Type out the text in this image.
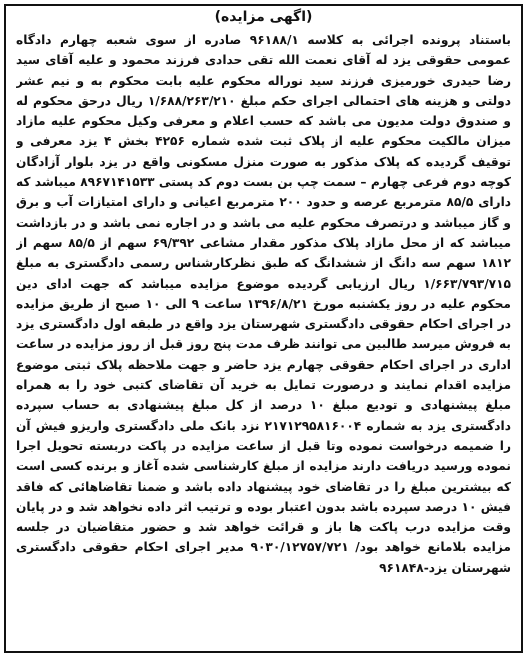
(اگهی مزایده)
باستناد پرونده اجرائی به کلاسه ۹۶۱۸۸/۱ صادره از سوی شعبه چهارم دادگاه عمومی حقوقی یزد له آقای نعمت الله تقی حدادی فرزند محمود و علیه آقای سید رضا حیدری خورمیزی فرزند سید نوراله محکوم علیه بابت محکوم به و نیم عشر دولتی و هزینه های احتمالی اجرای حکم مبلغ ۱/۶۸۸/۲۶۳/۲۱۰ ریال درحق محکوم له و صندوق دولت مدیون می باشد که حسب اعلام و معرفی وکیل محکوم علیه مازاد میزان مالکیت محکوم علیه از پلاک ثبت شده شماره ۴۲۵۶ بخش ۴ یزد معرفی و توقیف گردیده که پلاک مذکور به صورت منزل مسکونی واقع در یزد بلوار آزادگان کوچه دوم فرعی چهارم – سمت چپ بن بست دوم کد پستی ۸۹۶۷۱۴۱۵۳۳ میباشد که دارای ۸۵/۵ مترمربع عرصه و حدود ۲۰۰ مترمربع اعیانی و دارای امتیازات آب و برق و گاز میباشد و درتصرف محکوم علیه می باشد و در اجاره نمی باشد و در بازداشت میباشد که از محل مازاد پلاک مذکور مقدار مشاعی ۶۹/۳۹۲ سهم از ۸۵/۵ سهم از ۱۸۱۲ سهم سه دانگ از ششدانگ که طبق نظرکارشناس رسمی دادگستری به مبلغ ۱/۶۶۳/۷۹۳/۷۱۵ ریال ارزیابی گردیده موضوع مزایده میباشد که جهت ادای دین محکوم علیه در روز یکشنبه مورخ ۱۳۹۶/۸/۲۱ ساعت ۹ الی ۱۰ صبح از طریق مزایده در اجرای احکام حقوقی دادگستری شهرستان یزد واقع در طبقه اول دادگستری یزد به فروش میرسد طالبین می توانند ظرف مدت پنج روز قبل از روز مزایده در ساعت اداری در اجرای احکام حقوقی چهارم یزد حاضر و جهت ملاحظه پلاک ثبتی موضوع مزایده اقدام نمایند و درصورت تمایل به خرید آن تقاضای کتبی خود را به همراه مبلغ پیشنهادی و تودیع مبلغ ۱۰ درصد از کل مبلغ پیشنهادی به حساب سپرده دادگستری یزد به شماره ۲۱۷۱۲۹۵۸۱۶۰۰۴ نزد بانک ملی دادگستری واریزو فیش آن را ضمیمه درخواست نموده وتا قبل از ساعت مزایده در پاکت دربسته تحویل اجرا نموده ورسید دریافت دارند مزایده از مبلغ کارشناسی شده آغاز و برنده کسی است که بیشترین مبلغ را در تقاضای خود پیشنهاد داده باشد و ضمنا تقاضاهائی که فاقد فیش ۱۰ درصد سپرده باشد بدون اعتبار بوده و ترتیب اثر داده نخواهد شد و در پایان وقت مزایده درب پاکت ها باز و قرائت خواهد شد و حضور متقاضیان در جلسه مزایده بلامانع خواهد بود/ ۹۰۳۰/۱۲۷۵۷/۷۲۱ مدیر اجرای احکام حقوقی دادگستری شهرستان یزد-۹۶۱۸۴۸
